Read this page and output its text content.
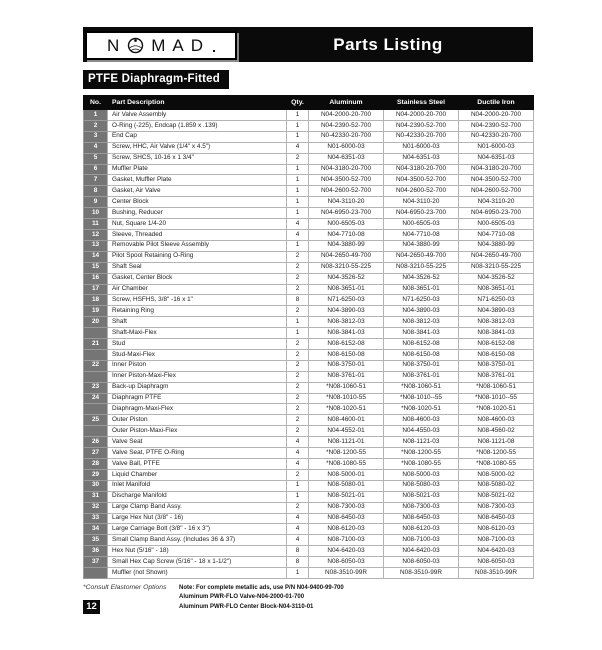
N MAD	Parts Listing
PTFE Diaphragm-Fitted
No.	Part Description	Qty.	Aluminum	Stainless Steel	Ductile Iron
1	Air Valve Assembly	1	N04-2000-20-700	N04-2000-20-700	N04-2000-20-700
2	O-Ring (-225), Endcap (1.859 x .139)	1	N04-2390-52-700	N04-2390-52-700	N04-2390-52-700
3	End Cap	1	N0-42330-20-700	N0-42330-20-700	N0-42330-20-700
4	Screw, HHC, Air Valve (1/4" x 4.5")	4	N01-6000-03	N01-6000-03	N01-6000-03
5	Screw, SHCS, 10-16 x 1 3/4"	2	N04-6351-03	N04-6351-03	N04-6351-03
6	Muffler Plate	1	N04-3180-20-700	N04-3180-20-700	N04-3180-20-700
7	Gasket, Muffler Plate	1	N04-3500-52-700	N04-3500-52-700	N04-3500-52-700
8	Gasket, Air Valve	1	N04-2600-52-700	N04-2600-52-700	N04-2600-52-700
9	Center Block	1	N04-3110-20	N04-3110-20	N04-3110-20
10	Bushing, Reducer	1	N04-6950-23-700	N04-6950-23-700	N04-6950-23-700
11	Nut, Square 1/4-20	4	N00-6505-03	N00-6505-03	N00-6505-03
12	Sleeve, Threaded	4	N04-7710-08	N04-7710-08	N04-7710-08
13	Removable Pilot Sleeve Assembly	1	N04-3880-99	N04-3880-99	N04-3880-99
14	Pilot Spool Retaining O-Ring	2	N04-2650-49-700	N04-2650-49-700	N04-2650-49-700
15	Shaft Seal	2	N08-3210-55-225	N08-3210-55-225	N08-3210-55-225
16	Gasket, Center Block	2	N04-3526-52	N04-3526-52	N04-3526-52
17	Air Chamber	2	N08-3651-01	N08-3651-01	N08-3651-01
18	Screw, HSFHS, 3/8" -16 x 1"	8	N71-6250-03	N71-6250-03	N71-6250-03
19	Retaining Ring	2	N04-3890-03	N04-3890-03	N04-3890-03
20	Shaft	1	N08-3812-03	N08-3812-03	N08-3812-03
	Shaft-Maxi-Flex	1	N08-3841-03	N08-3841-03	N08-3841-03
21	Stud	2	N08-6152-08	N08-6152-08	N08-6152-08
	Stud-Maxi-Flex	2	N08-6150-08	N08-6150-08	N08-6150-08
22	Inner Piston	2	N08-3750-01	N08-3750-01	N08-3750-01
	Inner Piston-Maxi-Flex	2	N08-3761-01	N08-3761-01	N08-3761-01
23	Back-up Diaphragm	2	*N08-1060-51	*N08-1060-51	*N08-1060-51
24	Diaphragm PTFE	2	*N08-1010-55	*N08-1010--55	*N08-1010--55
	Diaphragm-Maxi-Flex	2	*N08-1020-51	*N08-1020-51	*N08-1020-51
25	Outer Piston	2	N08-4600-01	N08-4600-03	N08-4600-03
	Outer Piston-Maxi-Flex	2	N04-4552-01	N04-4550-03	N08-4560-02
26	Valve Seat	4	N08-1121-01	N08-1121-03	N08-1121-08
27	Valve Seat, PTFE O-Ring	4	*N08-1200-55	*N08-1200-55	*N08-1200-55
28	Valve Ball, PTFE	4	*N08-1080-55	*N08-1080-55	*N08-1080-55
29	Liquid Chamber	2	N08-5000-01	N08-5000-03	N08-5000-02
30	Inlet Manifold	1	N08-5080-01	N08-5080-03	N08-5080-02
31	Discharge Manifold	1	N08-5021-01	N08-5021-03	N08-5021-02
32	Large Clamp Band Assy.	2	N08-7300-03	N08-7300-03	N08-7300-03
33	Large Hex Nut (3/8" - 16)	4	N08-6450-03	N08-6450-03	N08-6450-03
34	Large Carriage Bolt (3/8" - 16 x 3")	4	N08-6120-03	N08-6120-03	N08-6120-03
35	Small Clamp Band Assy. (Includes 36 & 37)	4	N08-7100-03	N08-7100-03	N08-7100-03
36	Hex Nut (5/16" - 18)	8	N04-6420-03	N04-6420-03	N04-6420-03
37	Small Hex Cap Screw (5/16" - 18 x 1-1/2")	8	N08-6050-03	N08-6050-03	N08-6050-03
	Muffler (not Shown)	1	N08-3510-99R	N08-3510-99R	N08-3510-99R
*Consult Elastomer Options
12
Note: For complete metallic ads, use P/N N04-9400-99-700
Aluminum PWR-FLO Valve-N04-2000-01-700
Aluminum PWR-FLO Center Block-N04-3110-01
